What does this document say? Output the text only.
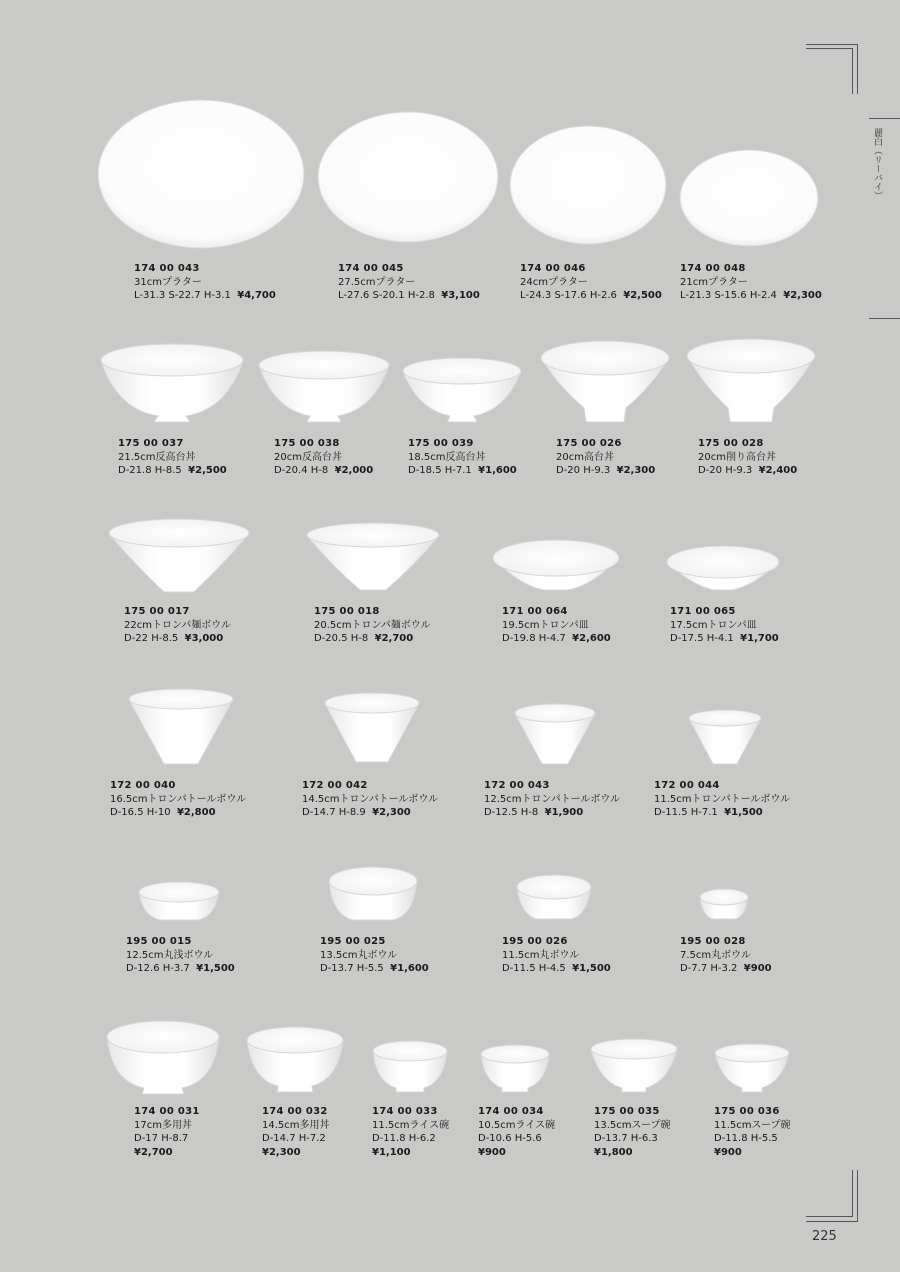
麗白（リーバイ）
225
174 00 043
31cmプラター
L-31.3 S-22.7 H-3.1 ¥4,700
174 00 045
27.5cmプラター
L-27.6 S-20.1 H-2.8 ¥3,100
174 00 046
24cmプラター
L-24.3 S-17.6 H-2.6 ¥2,500
174 00 048
21cmプラター
L-21.3 S-15.6 H-2.4 ¥2,300
175 00 037
21.5cm反高台丼
D-21.8 H-8.5 ¥2,500
175 00 038
20cm反高台丼
D-20.4 H-8 ¥2,000
175 00 039
18.5cm反高台丼
D-18.5 H-7.1 ¥1,600
175 00 026
20cm高台丼
D-20 H-9.3 ¥2,300
175 00 028
20cm削り高台丼
D-20 H-9.3 ¥2,400
175 00 017
22cmトロンパ麺ボウル
D-22 H-8.5 ¥3,000
175 00 018
20.5cmトロンパ麺ボウル
D-20.5 H-8 ¥2,700
171 00 064
19.5cmトロンパ皿
D-19.8 H-4.7 ¥2,600
171 00 065
17.5cmトロンパ皿
D-17.5 H-4.1 ¥1,700
172 00 040
16.5cmトロンパトールボウル
D-16.5 H-10 ¥2,800
172 00 042
14.5cmトロンパトールボウル
D-14.7 H-8.9 ¥2,300
172 00 043
12.5cmトロンパトールボウル
D-12.5 H-8 ¥1,900
172 00 044
11.5cmトロンパトールボウル
D-11.5 H-7.1 ¥1,500
195 00 015
12.5cm丸浅ボウル
D-12.6 H-3.7 ¥1,500
195 00 025
13.5cm丸ボウル
D-13.7 H-5.5 ¥1,600
195 00 026
11.5cm丸ボウル
D-11.5 H-4.5 ¥1,500
195 00 028
7.5cm丸ボウル
D-7.7 H-3.2 ¥900
174 00 031
17cm多用丼
D-17 H-8.7
¥2,700
174 00 032
14.5cm多用丼
D-14.7 H-7.2
¥2,300
174 00 033
11.5cmライス碗
D-11.8 H-6.2
¥1,100
174 00 034
10.5cmライス碗
D-10.6 H-5.6
¥900
175 00 035
13.5cmスープ碗
D-13.7 H-6.3
¥1,800
175 00 036
11.5cmスープ碗
D-11.8 H-5.5
¥900
